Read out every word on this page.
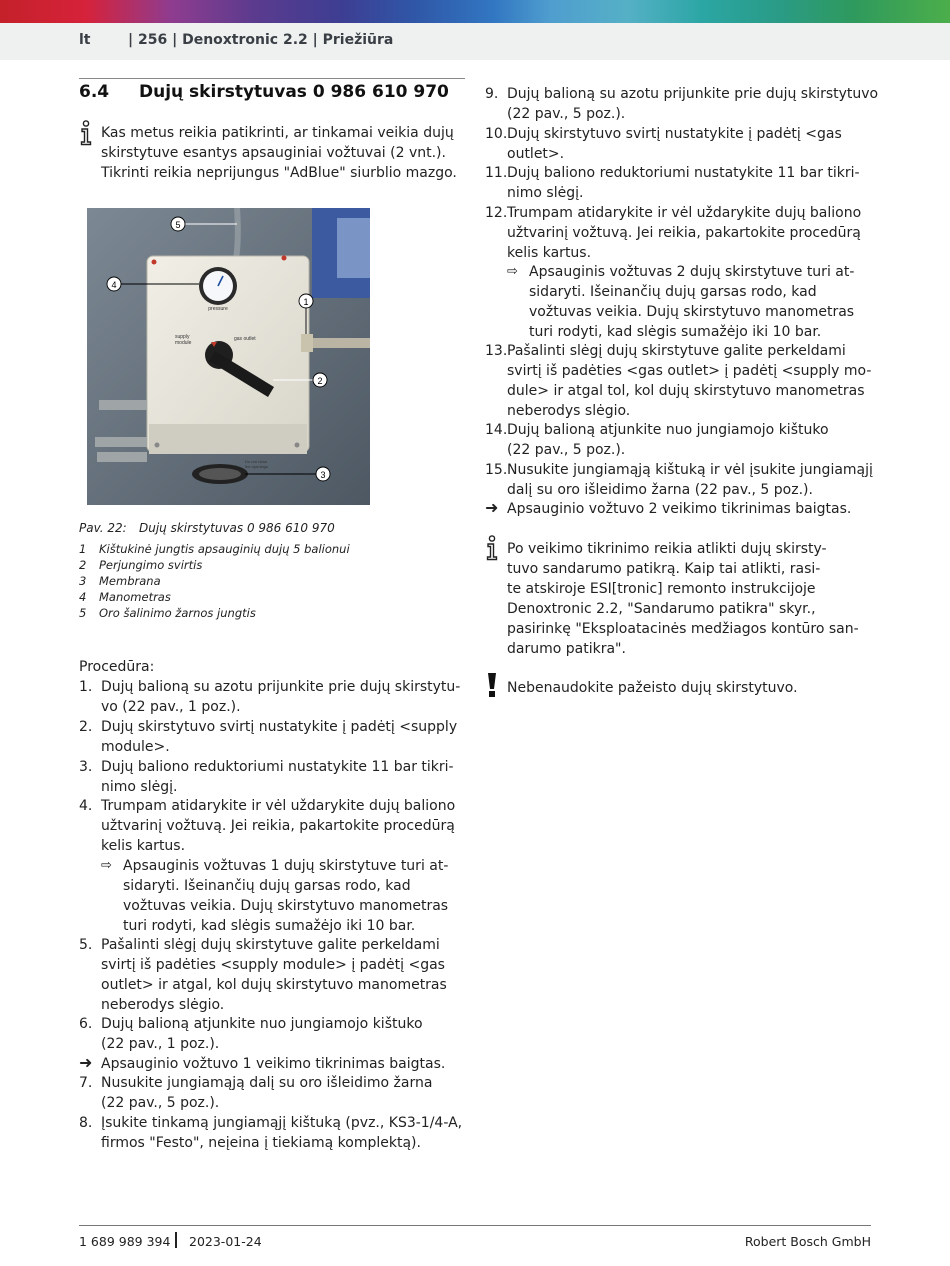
lt	| 256 | Denoxtronic 2.2 | Priežiūra
6.4 Dujų skirstytuvas 0 986 610 970
Kas metus reikia patikrinti, ar tinkamai veikia dujų
skirstytuve esantys apsauginiai vožtuvai (2 vnt.).
Tikrinti reikia neprijungus "AdBlue" siurblio mazgo.
pressure
supply
module
gas outlet
Do not close
the openings
5
4
1
2
3
Pav. 22: Dujų skirstytuvas 0 986 610 970
1 Kištukinė jungtis apsauginių dujų 5 balionui
2 Perjungimo svirtis
3 Membrana
4 Manometras
5 Oro šalinimo žarnos jungtis
Procedūra:
1. Dujų balioną su azotu prijunkite prie dujų skirstytu-
vo (22 pav., 1 poz.).
2. Dujų skirstytuvo svirtį nustatykite į padėtį <supply
module>.
3. Dujų baliono reduktoriumi nustatykite 11 bar tikri-
nimo slėgį.
4. Trumpam atidarykite ir vėl uždarykite dujų baliono
užtvarinį vožtuvą. Jei reikia, pakartokite procedūrą
kelis kartus.
⇨ Apsauginis vožtuvas 1 dujų skirstytuve turi at-
sidaryti. Išeinančių dujų garsas rodo, kad
vožtuvas veikia. Dujų skirstytuvo manometras
turi rodyti, kad slėgis sumažėjo iki 10 bar.
5. Pašalinti slėgį dujų skirstytuve galite perkeldami
svirtį iš padėties <supply module> į padėtį <gas
outlet> ir atgal, kol dujų skirstytuvo manometras
neberodys slėgio.
6. Dujų balioną atjunkite nuo jungiamojo kištuko
(22 pav., 1 poz.).
➜ Apsauginio vožtuvo 1 veikimo tikrinimas baigtas.
7. Nusukite jungiamąją dalį su oro išleidimo žarna
(22 pav., 5 poz.).
8. Įsukite tinkamą jungiamąjį kištuką (pvz., KS3-1/4-A,
firmos "Festo", neįeina į tiekiamą komplektą).
9. Dujų balioną su azotu prijunkite prie dujų skirstytuvo
(22 pav., 5 poz.).
10. Dujų skirstytuvo svirtį nustatykite į padėtį <gas
outlet>.
11. Dujų baliono reduktoriumi nustatykite 11 bar tikri-
nimo slėgį.
12. Trumpam atidarykite ir vėl uždarykite dujų baliono
užtvarinį vožtuvą. Jei reikia, pakartokite procedūrą
kelis kartus.
⇨ Apsauginis vožtuvas 2 dujų skirstytuve turi at-
sidaryti. Išeinančių dujų garsas rodo, kad
vožtuvas veikia. Dujų skirstytuvo manometras
turi rodyti, kad slėgis sumažėjo iki 10 bar.
13. Pašalinti slėgį dujų skirstytuve galite perkeldami
svirtį iš padėties <gas outlet> į padėtį <supply mo-
dule> ir atgal tol, kol dujų skirstytuvo manometras
neberodys slėgio.
14. Dujų balioną atjunkite nuo jungiamojo kištuko
(22 pav., 5 poz.).
15. Nusukite jungiamąją kištuką ir vėl įsukite jungiamąjį
dalį su oro išleidimo žarna (22 pav., 5 poz.).
➜ Apsauginio vožtuvo 2 veikimo tikrinimas baigtas.
Po veikimo tikrinimo reikia atlikti dujų skirsty-
tuvo sandarumo patikrą. Kaip tai atlikti, rasi-
te atskiroje ESI[tronic] remonto instrukcijoje
Denoxtronic 2.2, "Sandarumo patikra" skyr.,
pasirinkę "Eksploatacinės medžiagos kontūro san-
darumo patikra".
Nebenaudokite pažeisto dujų skirstytuvo.
1 689 989 394 2023-01-24	Robert Bosch GmbH
